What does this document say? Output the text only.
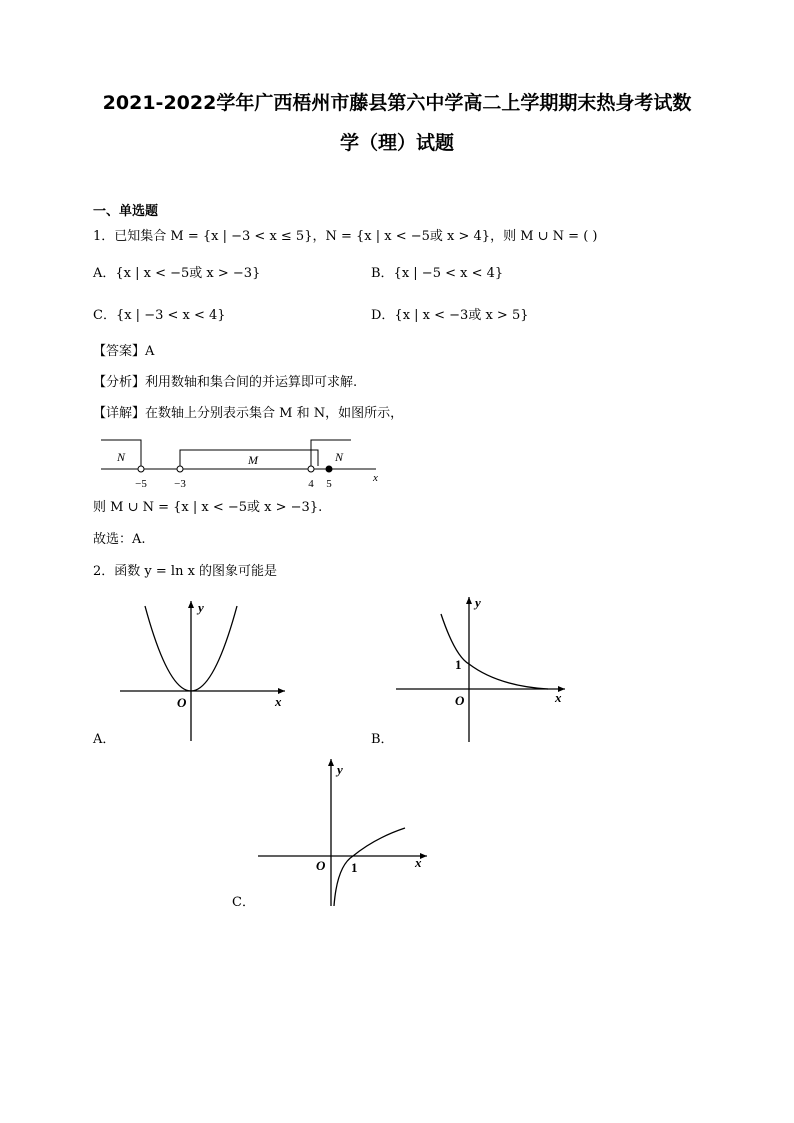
2021-2022学年广西梧州市藤县第六中学高二上学期期末热身考试数
学（理）试题
一、单选题
1．已知集合 M = {x | −3 < x ≤ 5}，N = {x | x < −5或 x > 4}，则 M ∪ N = ( )
A．{x | x < −5或 x > −3}	B．{x | −5 < x < 4}
C．{x | −3 < x < 4}	D．{x | x < −3或 x > 5}
【答案】A
【分析】利用数轴和集合间的并运算即可求解.
【详解】在数轴上分别表示集合 M 和 N，如图所示，
N	M	N
−5 −3	4 5	x
则 M ∪ N = {x | x < −5或 x > −3}.
故选：A.
2．函数 y = ln x 的图象可能是
y
x
O
A．
y
1
x
O
B．
y
x
O 1
C．
